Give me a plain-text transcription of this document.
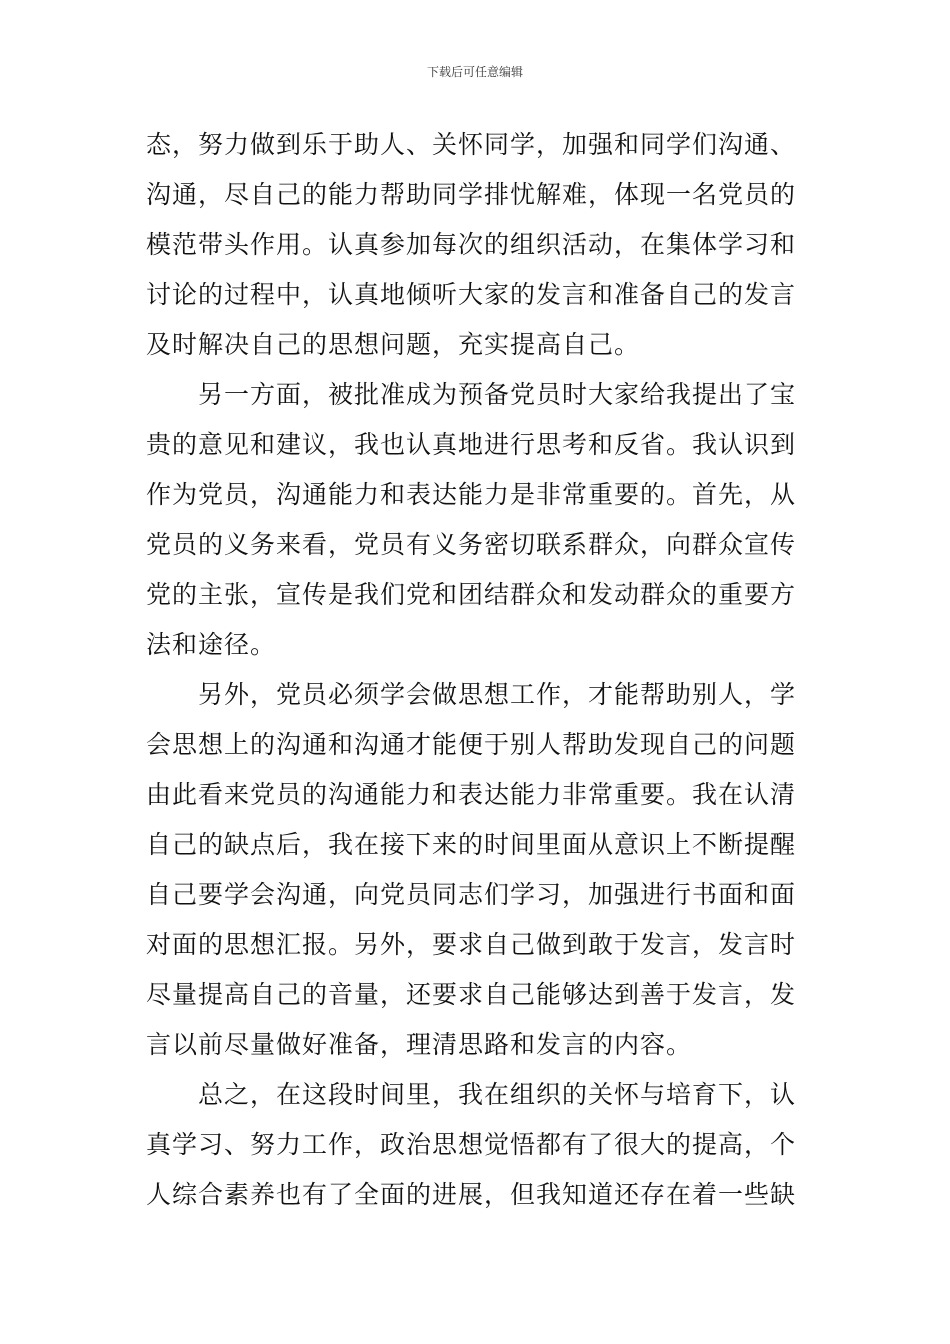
下载后可任意编辑
态，努力做到乐于助人、关怀同学，加强和同学们沟通、
沟通，尽自己的能力帮助同学排忧解难，体现一名党员的
模范带头作用。认真参加每次的组织活动，在集体学习和
讨论的过程中，认真地倾听大家的发言和准备自己的发言
及时解决自己的思想问题，充实提高自己。
另一方面，被批准成为预备党员时大家给我提出了宝
贵的意见和建议，我也认真地进行思考和反省。我认识到
作为党员，沟通能力和表达能力是非常重要的。首先，从
党员的义务来看，党员有义务密切联系群众，向群众宣传
党的主张，宣传是我们党和团结群众和发动群众的重要方
法和途径。
另外，党员必须学会做思想工作，才能帮助别人，学
会思想上的沟通和沟通才能便于别人帮助发现自己的问题
由此看来党员的沟通能力和表达能力非常重要。我在认清
自己的缺点后，我在接下来的时间里面从意识上不断提醒
自己要学会沟通，向党员同志们学习，加强进行书面和面
对面的思想汇报。另外，要求自己做到敢于发言，发言时
尽量提高自己的音量，还要求自己能够达到善于发言，发
言以前尽量做好准备，理清思路和发言的内容。
总之，在这段时间里，我在组织的关怀与培育下，认
真学习、努力工作，政治思想觉悟都有了很大的提高，个
人综合素养也有了全面的进展，但我知道还存在着一些缺
